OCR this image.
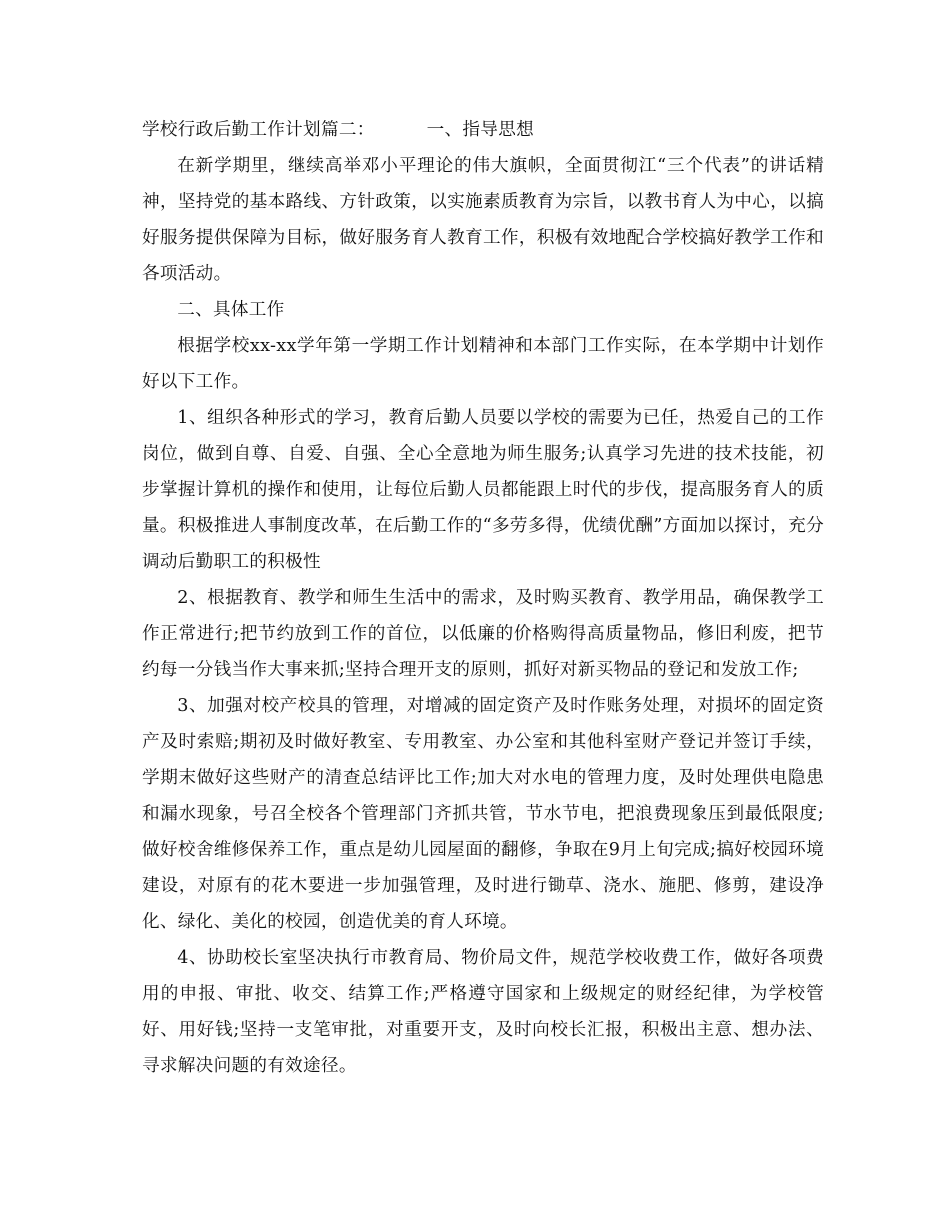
学校行政后勤工作计划篇二：	一、指导思想

在新学期里，继续高举邓小平理论的伟大旗帜，全面贯彻江“三个代表”的讲话精神，坚持党的基本路线、方针政策，以实施素质教育为宗旨，以教书育人为中心，以搞好服务提供保障为目标，做好服务育人教育工作，积极有效地配合学校搞好教学工作和各项活动。

二、具体工作

根据学校xx-xx学年第一学期工作计划精神和本部门工作实际，在本学期中计划作好以下工作。

1、组织各种形式的学习，教育后勤人员要以学校的需要为已任，热爱自己的工作岗位，做到自尊、自爱、自强、全心全意地为师生服务;认真学习先进的技术技能，初步掌握计算机的操作和使用，让每位后勤人员都能跟上时代的步伐，提高服务育人的质量。积极推进人事制度改革，在后勤工作的“多劳多得，优绩优酬”方面加以探讨，充分调动后勤职工的积极性

2、根据教育、教学和师生生活中的需求，及时购买教育、教学用品，确保教学工作正常进行;把节约放到工作的首位，以低廉的价格购得高质量物品，修旧利废，把节约每一分钱当作大事来抓;坚持合理开支的原则，抓好对新买物品的登记和发放工作;

3、加强对校产校具的管理，对增减的固定资产及时作账务处理，对损坏的固定资产及时索赔;期初及时做好教室、专用教室、办公室和其他科室财产登记并签订手续，学期末做好这些财产的清查总结评比工作;加大对水电的管理力度，及时处理供电隐患和漏水现象，号召全校各个管理部门齐抓共管，节水节电，把浪费现象压到最低限度;做好校舍维修保养工作，重点是幼儿园屋面的翻修，争取在9月上旬完成;搞好校园环境建设，对原有的花木要进一步加强管理，及时进行锄草、浇水、施肥、修剪，建设净化、绿化、美化的校园，创造优美的育人环境。

4、协助校长室坚决执行市教育局、物价局文件，规范学校收费工作，做好各项费用的申报、审批、收交、结算工作;严格遵守国家和上级规定的财经纪律，为学校管好、用好钱;坚持一支笔审批，对重要开支，及时向校长汇报，积极出主意、想办法、寻求解决问题的有效途径。
